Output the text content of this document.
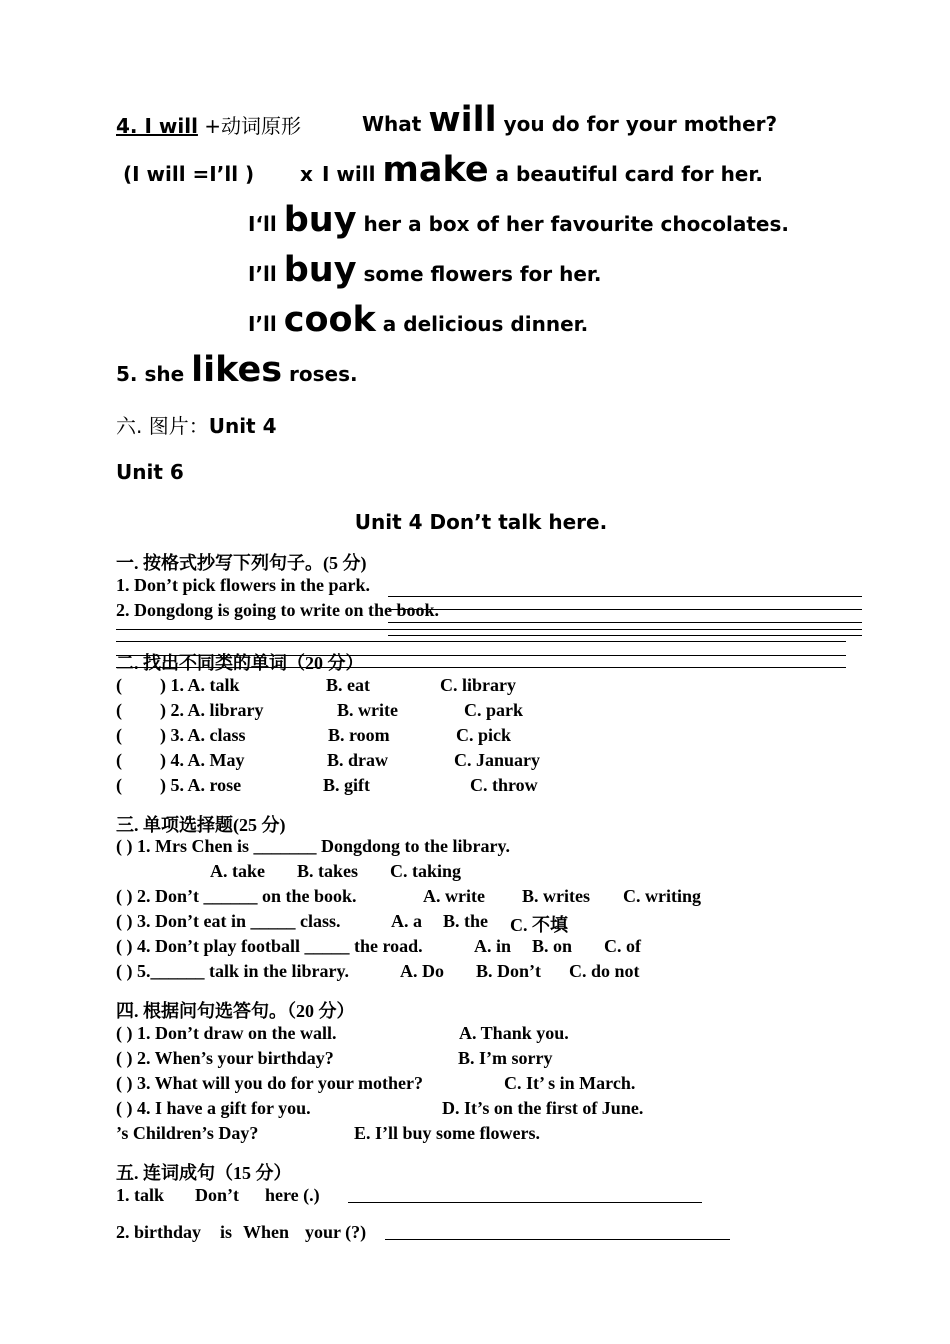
4. I will +动词原形	What will you do for your mother?
(I will =I’ll ) x I will make a beautiful card for her.
I‘ll buy her a box of her favourite chocolates.
I’ll buy some flowers for her.
I’ll cook a delicious dinner.
5. she likes roses.
六. 图片：Unit 4
Unit 6
Unit 4 Don’t talk here.
一. 按格式抄写下列句子。(5 分)
1. Don’t pick flowers in the park.
2. Dongdong is going to write on the book.
二. 找出不同类的单词（20 分）
( ) 1. A. talk	B. eat	C. library
( ) 2. A. library	B. write	C. park
( ) 3. A. class	B. room	C. pick
( ) 4. A. May	B. draw	C. January
( ) 5. A. rose	B. gift	C. throw
三. 单项选择题(25 分)
( ) 1. Mrs Chen is _______ Dongdong to the library.
A. take B. takes C. taking
( ) 2. Don’t ______ on the book.	A. write B. writes C. writing
( ) 3. Don’t eat in _____ class.	A. a B. the C. 不填
( ) 4. Don’t play football _____ the road.	A. in B. on C. of
( ) 5.______ talk in the library.	A. Do B. Don’t C. do not
四. 根据问句选答句。（20 分）
( ) 1. Don’t draw on the wall.	A. Thank you.
( ) 2. When’s your birthday?	B. I’m sorry
( ) 3. What will you do for your mother?	C. It’ s in March.
( ) 4. I have a gift for you.	D. It’s on the first of June.
’s Children’s Day?	E. I’ll buy some flowers.
五. 连词成句（15 分）
1. talk Don’t here (.)
2. birthday is When your (?)
